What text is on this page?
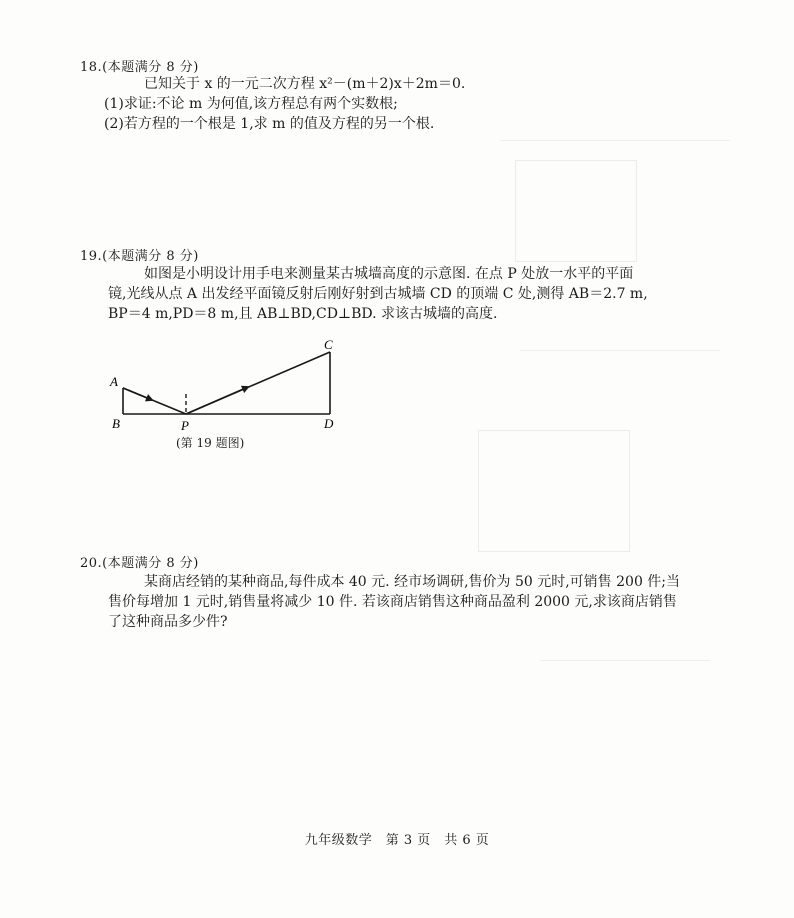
18.(本题满分 8 分)
已知关于 x 的一元二次方程 x²－(m＋2)x＋2m＝0.
(1)求证:不论 m 为何值,该方程总有两个实数根;
(2)若方程的一个根是 1,求 m 的值及方程的另一个根.
19.(本题满分 8 分)
如图是小明设计用手电来测量某古城墙高度的示意图. 在点 P 处放一水平的平面
镜,光线从点 A 出发经平面镜反射后刚好射到古城墙 CD 的顶端 C 处,测得 AB＝2.7 m,
BP＝4 m,PD＝8 m,且 AB⊥BD,CD⊥BD. 求该古城墙的高度.
A
B	P
C
D
(第 19 题图)
20.(本题满分 8 分)
某商店经销的某种商品,每件成本 40 元. 经市场调研,售价为 50 元时,可销售 200 件;当
售价每增加 1 元时,销售量将减少 10 件. 若该商店销售这种商品盈利 2000 元,求该商店销售
了这种商品多少件?
九年级数学　第 3 页　共 6 页
